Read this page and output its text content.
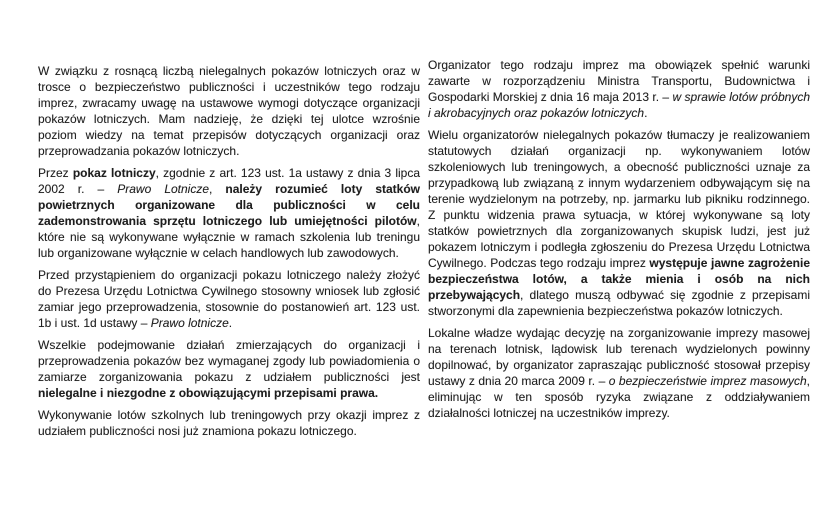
W związku z rosnącą liczbą nielegalnych pokazów lotniczych oraz w trosce o bezpieczeństwo publiczności i uczestników tego rodzaju imprez, zwracamy uwagę na ustawowe wymogi dotyczące organizacji pokazów lotniczych. Mam nadzieję, że dzięki tej ulotce wzrośnie poziom wiedzy na temat przepisów dotyczących organizacji oraz przeprowadzania pokazów lotniczych.

Przez pokaz lotniczy, zgodnie z art. 123 ust. 1a ustawy z dnia 3 lipca 2002 r. – Prawo Lotnicze, należy rozumieć loty statków powietrznych organizowane dla publiczności w celu zademonstrowania sprzętu lotniczego lub umiejętności pilotów, które nie są wykonywane wyłącznie w ramach szkolenia lub treningu lub organizowane wyłącznie w celach handlowych lub zawodowych.

Przed przystąpieniem do organizacji pokazu lotniczego należy złożyć do Prezesa Urzędu Lotnictwa Cywilnego stosowny wniosek lub zgłosić zamiar jego przeprowadzenia, stosownie do postanowień art. 123 ust. 1b i ust. 1d ustawy – Prawo lotnicze.

Wszelkie podejmowanie działań zmierzających do organizacji i przeprowadzenia pokazów bez wymaganej zgody lub powiadomienia o zamiarze zorganizowania pokazu z udziałem publiczności jest nielegalne i niezgodne z obowiązującymi przepisami prawa.

Wykonywanie lotów szkolnych lub treningowych przy okazji imprez z udziałem publiczności nosi już znamiona pokazu lotniczego.

Organizator tego rodzaju imprez ma obowiązek spełnić warunki zawarte w rozporządzeniu Ministra Transportu, Budownictwa i Gospodarki Morskiej z dnia 16 maja 2013 r. – w sprawie lotów próbnych i akrobacyjnych oraz pokazów lotniczych.

Wielu organizatorów nielegalnych pokazów tłumaczy je realizowaniem statutowych działań organizacji np. wykonywaniem lotów szkoleniowych lub treningowych, a obecność publiczności uznaje za przypadkową lub związaną z innym wydarzeniem odbywającym się na terenie wydzielonym na potrzeby, np. jarmarku lub pikniku rodzinnego. Z punktu widzenia prawa sytuacja, w której wykonywane są loty statków powietrznych dla zorganizowanych skupisk ludzi, jest już pokazem lotniczym i podległa zgłoszeniu do Prezesa Urzędu Lotnictwa Cywilnego. Podczas tego rodzaju imprez występuje jawne zagrożenie bezpieczeństwa lotów, a także mienia i osób na nich przebywających, dlatego muszą odbywać się zgodnie z przepisami stworzonymi dla zapewnienia bezpieczeństwa pokazów lotniczych.

Lokalne władze wydając decyzję na zorganizowanie imprezy masowej na terenach lotnisk, lądowisk lub terenach wydzielonych powinny dopilnować, by organizator zapraszając publiczność stosował przepisy ustawy z dnia 20 marca 2009 r. – o bezpieczeństwie imprez masowych, eliminując w ten sposób ryzyka związane z oddziaływaniem działalności lotniczej na uczestników imprezy.
